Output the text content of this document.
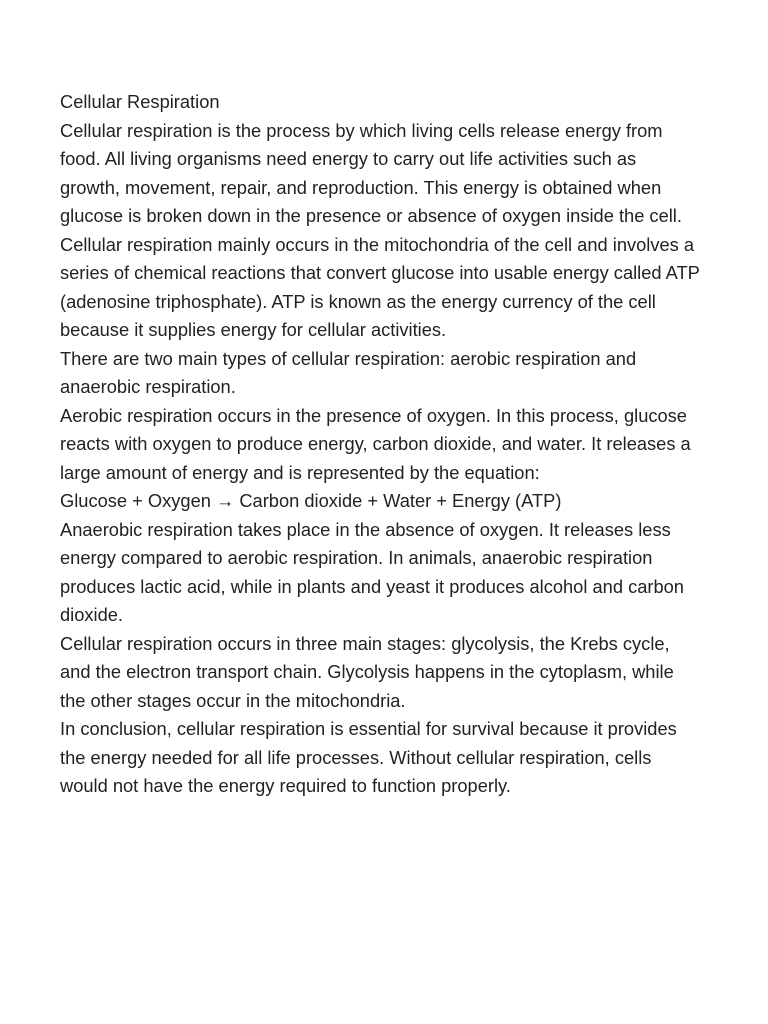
Cellular Respiration

Cellular respiration is the process by which living cells release energy from food. All living organisms need energy to carry out life activities such as growth, movement, repair, and reproduction. This energy is obtained when glucose is broken down in the presence or absence of oxygen inside the cell.

Cellular respiration mainly occurs in the mitochondria of the cell and involves a series of chemical reactions that convert glucose into usable energy called ATP (adenosine triphosphate). ATP is known as the energy currency of the cell because it supplies energy for cellular activities.

There are two main types of cellular respiration: aerobic respiration and anaerobic respiration.

Aerobic respiration occurs in the presence of oxygen. In this process, glucose reacts with oxygen to produce energy, carbon dioxide, and water. It releases a large amount of energy and is represented by the equation:

Glucose + Oxygen → Carbon dioxide + Water + Energy (ATP)

Anaerobic respiration takes place in the absence of oxygen. It releases less energy compared to aerobic respiration. In animals, anaerobic respiration produces lactic acid, while in plants and yeast it produces alcohol and carbon dioxide.

Cellular respiration occurs in three main stages: glycolysis, the Krebs cycle, and the electron transport chain. Glycolysis happens in the cytoplasm, while the other stages occur in the mitochondria.

In conclusion, cellular respiration is essential for survival because it provides the energy needed for all life processes. Without cellular respiration, cells would not have the energy required to function properly.
